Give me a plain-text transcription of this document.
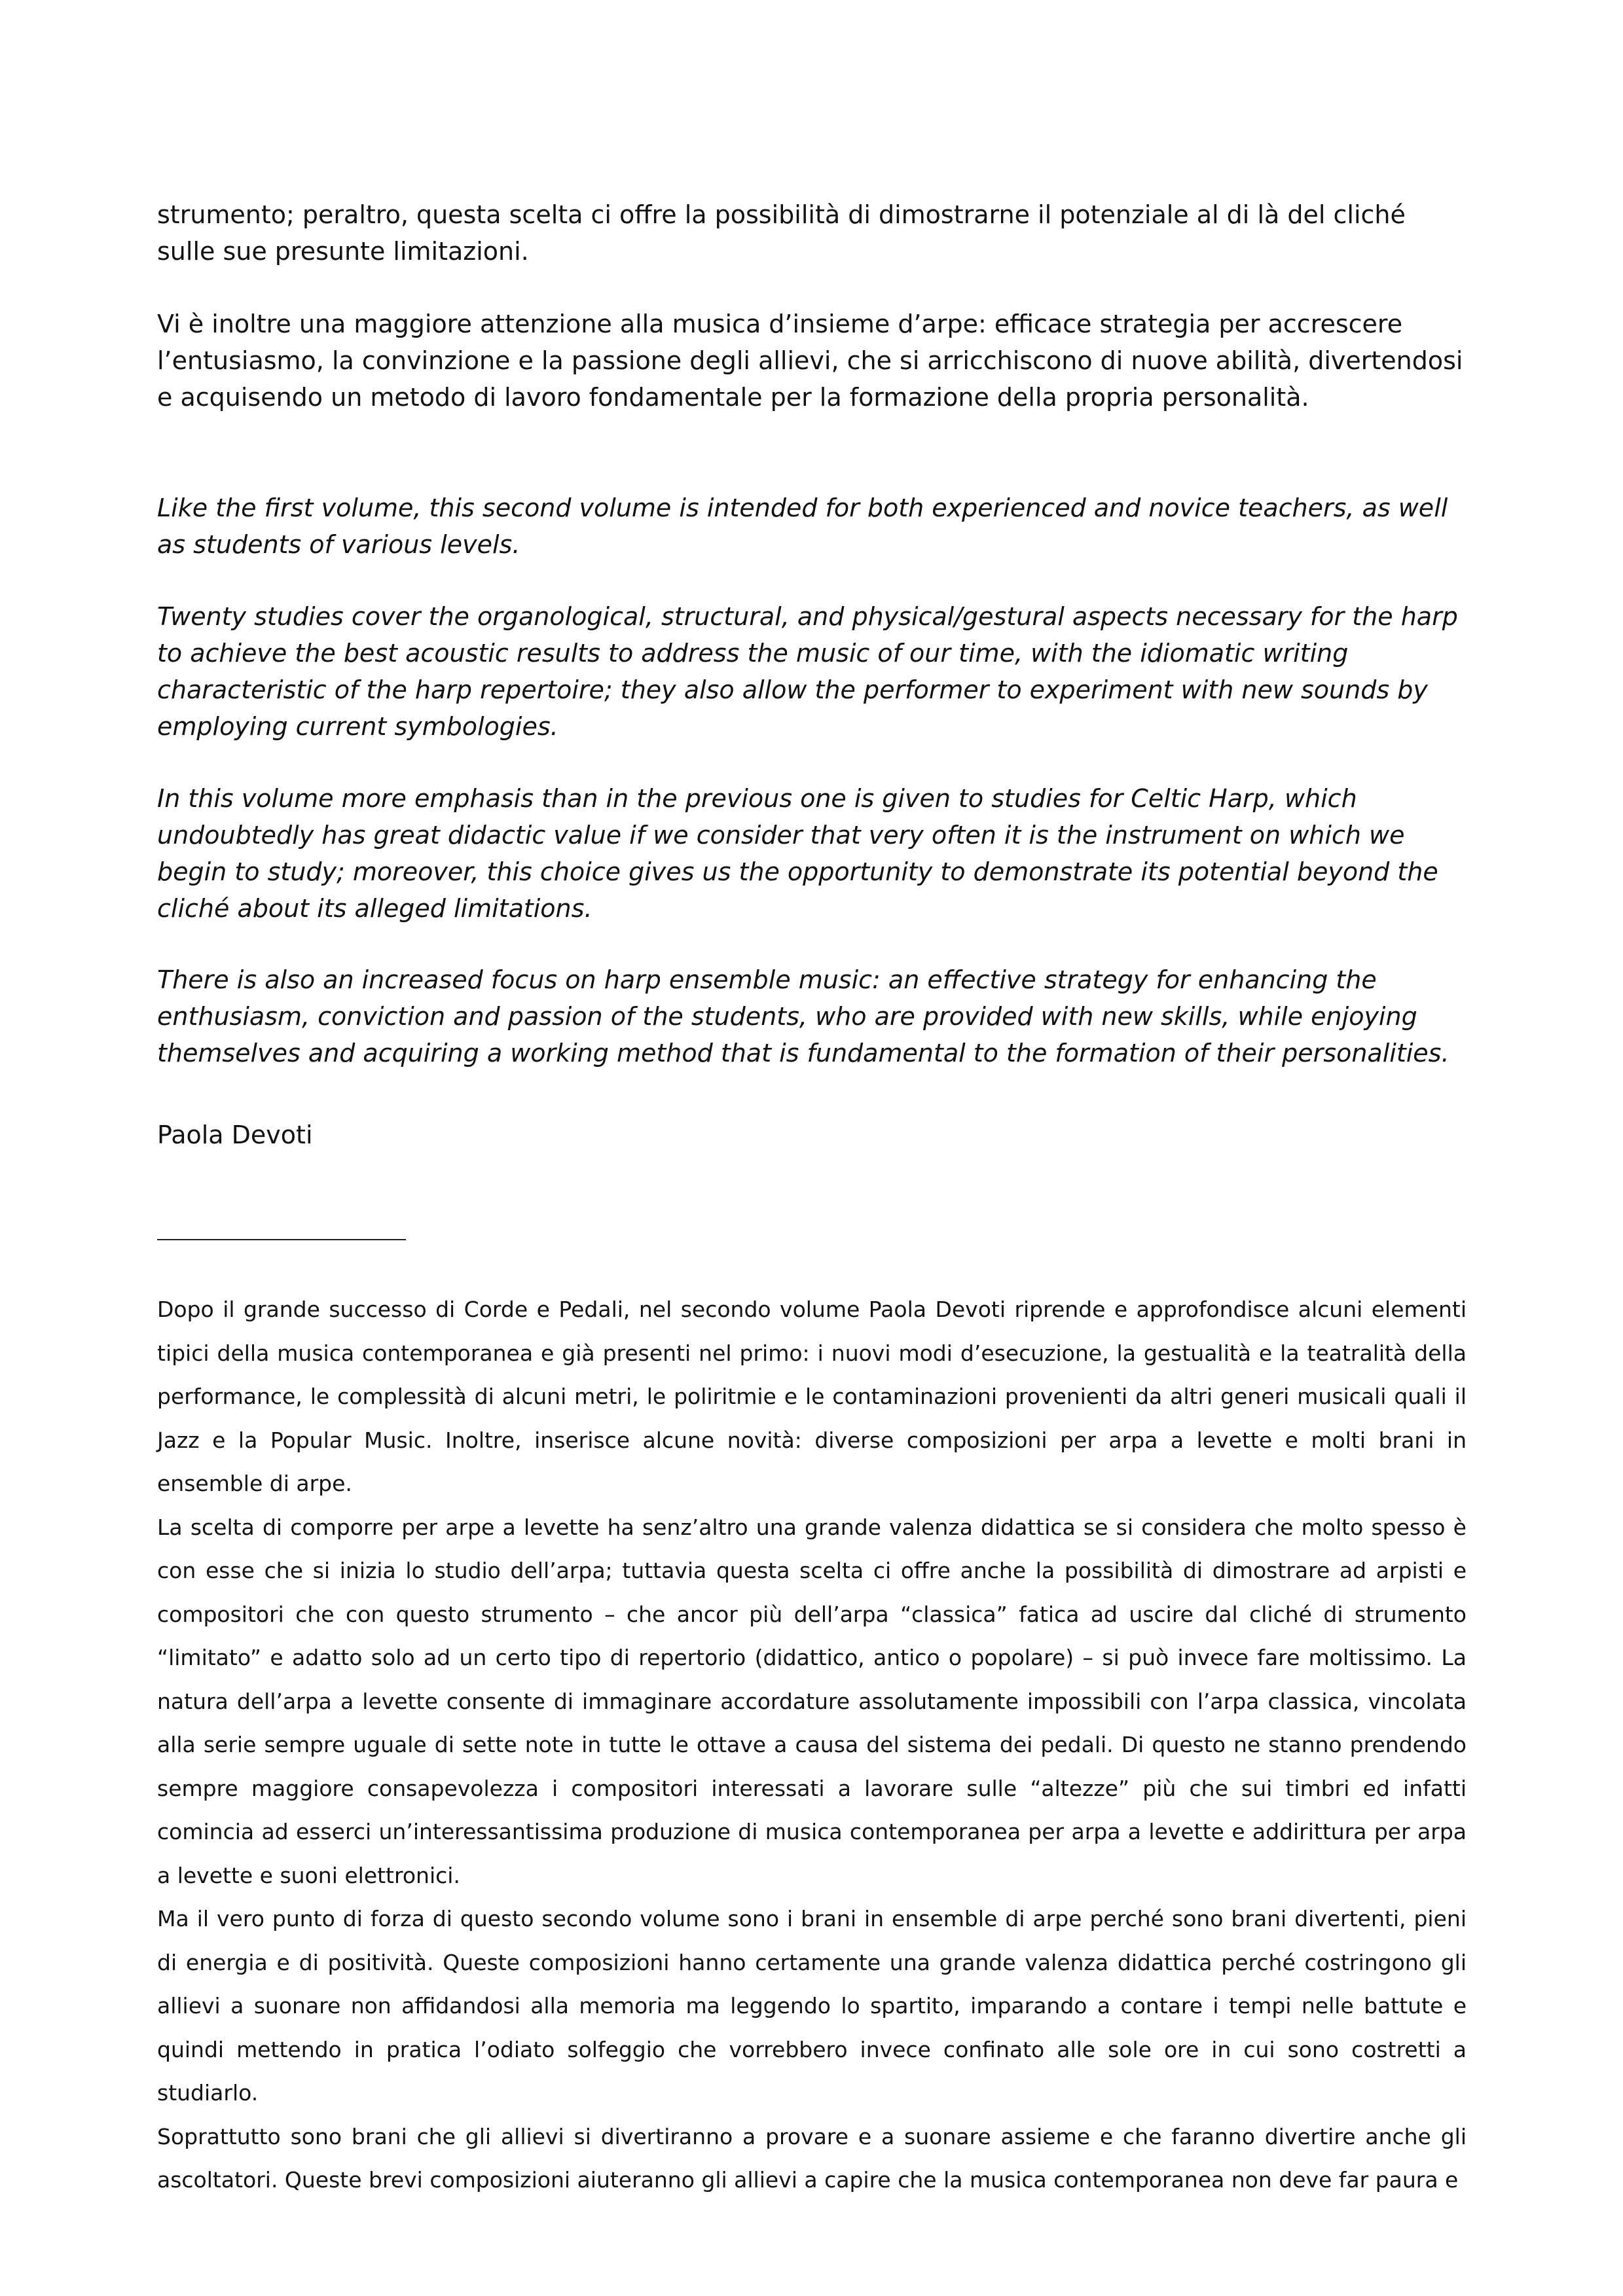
strumento; peraltro, questa scelta ci offre la possibilità di dimostrarne il potenziale al di là del cliché sulle sue presunte limitazioni.

Vi è inoltre una maggiore attenzione alla musica d’insieme d’arpe: efficace strategia per accrescere l’entusiasmo, la convinzione e la passione degli allievi, che si arricchiscono di nuove abilità, divertendosi e acquisendo un metodo di lavoro fondamentale per la formazione della propria personalità.

Like the first volume, this second volume is intended for both experienced and novice teachers, as well as students of various levels.

Twenty studies cover the organological, structural, and physical/gestural aspects necessary for the harp to achieve the best acoustic results to address the music of our time, with the idiomatic writing characteristic of the harp repertoire; they also allow the performer to experiment with new sounds by employing current symbologies.

In this volume more emphasis than in the previous one is given to studies for Celtic Harp, which undoubtedly has great didactic value if we consider that very often it is the instrument on which we begin to study; moreover, this choice gives us the opportunity to demonstrate its potential beyond the cliché about its alleged limitations.

There is also an increased focus on harp ensemble music: an effective strategy for enhancing the enthusiasm, conviction and passion of the students, who are provided with new skills, while enjoying themselves and acquiring a working method that is fundamental to the formation of their personalities.

Paola Devoti

Dopo il grande successo di Corde e Pedali, nel secondo volume Paola Devoti riprende e approfondisce alcuni elementi tipici della musica contemporanea e già presenti nel primo: i nuovi modi d’esecuzione, la gestualità e la teatralità della performance, le complessità di alcuni metri, le poliritmie e le contaminazioni provenienti da altri generi musicali quali il Jazz e la Popular Music. Inoltre, inserisce alcune novità: diverse composizioni per arpa a levette e molti brani in ensemble di arpe.

La scelta di comporre per arpe a levette ha senz’altro una grande valenza didattica se si considera che molto spesso è con esse che si inizia lo studio dell’arpa; tuttavia questa scelta ci offre anche la possibilità di dimostrare ad arpisti e compositori che con questo strumento – che ancor più dell’arpa “classica” fatica ad uscire dal cliché di strumento “limitato” e adatto solo ad un certo tipo di repertorio (didattico, antico o popolare) – si può invece fare moltissimo. La natura dell’arpa a levette consente di immaginare accordature assolutamente impossibili con l’arpa classica, vincolata alla serie sempre uguale di sette note in tutte le ottave a causa del sistema dei pedali. Di questo ne stanno prendendo sempre maggiore consapevolezza i compositori interessati a lavorare sulle “altezze” più che sui timbri ed infatti comincia ad esserci un’interessantissima produzione di musica contemporanea per arpa a levette e addirittura per arpa a levette e suoni elettronici.

Ma il vero punto di forza di questo secondo volume sono i brani in ensemble di arpe perché sono brani divertenti, pieni di energia e di positività. Queste composizioni hanno certamente una grande valenza didattica perché costringono gli allievi a suonare non affidandosi alla memoria ma leggendo lo spartito, imparando a contare i tempi nelle battute e quindi mettendo in pratica l’odiato solfeggio che vorrebbero invece confinato alle sole ore in cui sono costretti a studiarlo.

Soprattutto sono brani che gli allievi si divertiranno a provare e a suonare assieme e che faranno divertire anche gli ascoltatori. Queste brevi composizioni aiuteranno gli allievi a capire che la musica contemporanea non deve far paura e
